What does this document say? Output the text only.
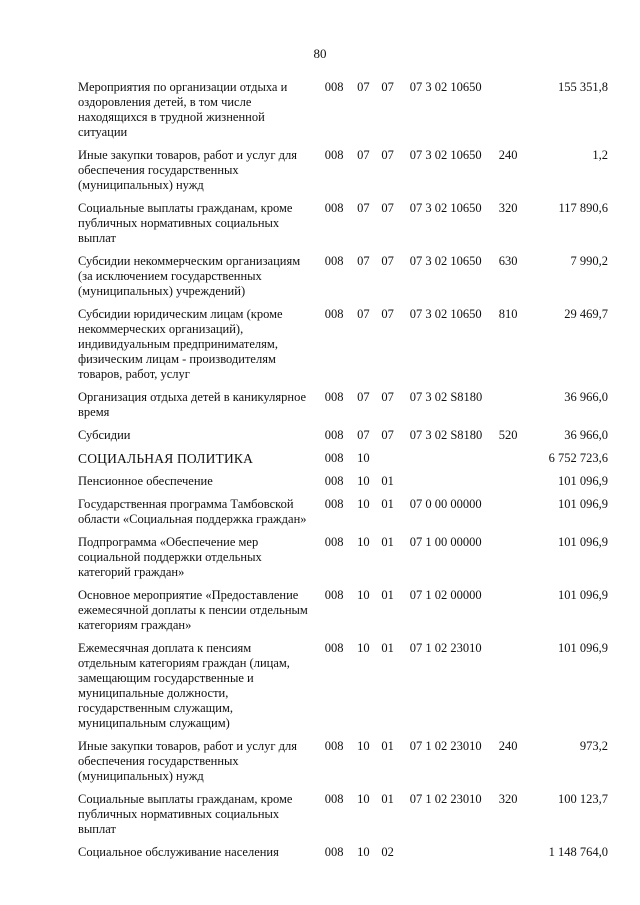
80
Мероприятия по организации отдыха и оздоровления детей, в том числе находящихся в трудной жизненной ситуации	008	07	07	07 3 02 10650		155 351,8
Иные закупки товаров, работ и услуг для обеспечения государственных (муниципальных) нужд	008	07	07	07 3 02 10650	240	1,2
Социальные выплаты гражданам, кроме публичных нормативных социальных выплат	008	07	07	07 3 02 10650	320	117 890,6
Субсидии некоммерческим организациям (за исключением государственных (муниципальных) учреждений)	008	07	07	07 3 02 10650	630	7 990,2
Субсидии юридическим лицам (кроме некоммерческих организаций), индивидуальным предпринимателям, физическим лицам - производителям товаров, работ, услуг	008	07	07	07 3 02 10650	810	29 469,7
Организация отдыха детей в каникулярное время	008	07	07	07 3 02 S8180		36 966,0
Субсидии	008	07	07	07 3 02 S8180	520	36 966,0
СОЦИАЛЬНАЯ ПОЛИТИКА	008	10				6 752 723,6
Пенсионное обеспечение	008	10	01			101 096,9
Государственная программа Тамбовской области «Социальная поддержка граждан»	008	10	01	07 0 00 00000		101 096,9
Подпрограмма «Обеспечение мер социальной поддержки отдельных категорий граждан»	008	10	01	07 1 00 00000		101 096,9
Основное мероприятие «Предоставление ежемесячной доплаты к пенсии отдельным категориям граждан»	008	10	01	07 1 02 00000		101 096,9
Ежемесячная доплата к пенсиям отдельным категориям граждан (лицам, замещающим государственные и муниципальные должности, государственным служащим, муниципальным служащим)	008	10	01	07 1 02 23010		101 096,9
Иные закупки товаров, работ и услуг для обеспечения государственных (муниципальных) нужд	008	10	01	07 1 02 23010	240	973,2
Социальные выплаты гражданам, кроме публичных нормативных социальных выплат	008	10	01	07 1 02 23010	320	100 123,7
Социальное обслуживание населения	008	10	02			1 148 764,0
